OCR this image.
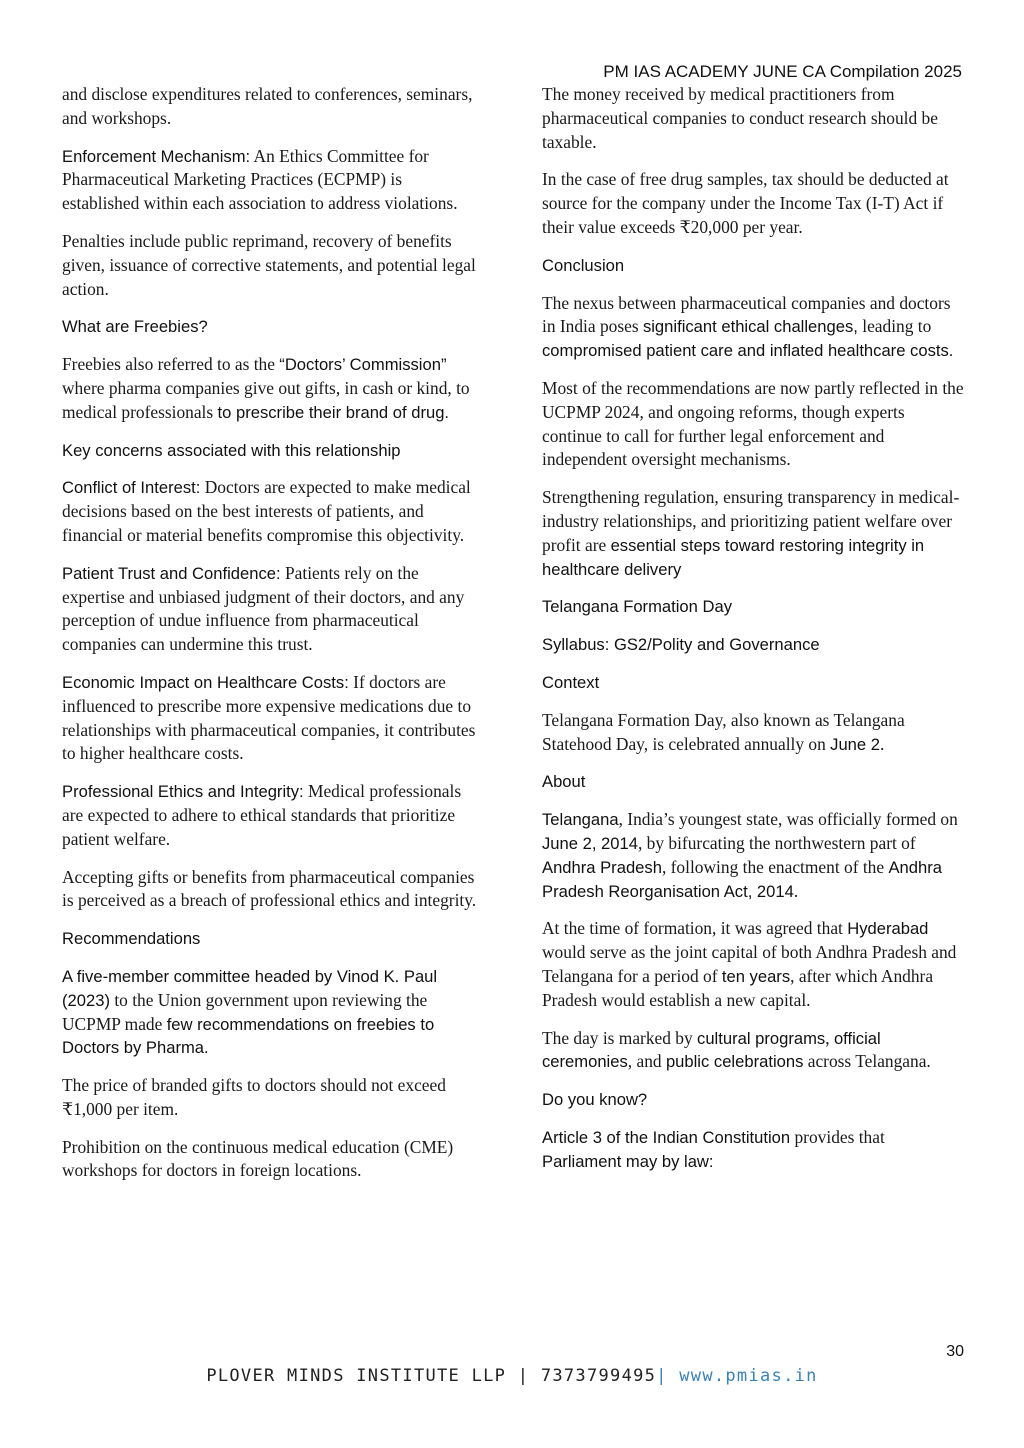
PM IAS ACADEMY JUNE CA Compilation 2025

and disclose expenditures related to conferences, seminars, and workshops.

Enforcement Mechanism: An Ethics Committee for Pharmaceutical Marketing Practices (ECPMP) is established within each association to address violations.

Penalties include public reprimand, recovery of benefits given, issuance of corrective statements, and potential legal action.

What are Freebies?

Freebies also referred to as the “Doctors’ Commission” where pharma companies give out gifts, in cash or kind, to medical professionals to prescribe their brand of drug.

Key concerns associated with this relationship

Conflict of Interest: Doctors are expected to make medical decisions based on the best interests of patients, and financial or material benefits compromise this objectivity.

Patient Trust and Confidence: Patients rely on the expertise and unbiased judgment of their doctors, and any perception of undue influence from pharmaceutical companies can undermine this trust.

Economic Impact on Healthcare Costs: If doctors are influenced to prescribe more expensive medications due to relationships with pharmaceutical companies, it contributes to higher healthcare costs.

Professional Ethics and Integrity: Medical professionals are expected to adhere to ethical standards that prioritize patient welfare.

Accepting gifts or benefits from pharmaceutical companies is perceived as a breach of professional ethics and integrity.

Recommendations

A five-member committee headed by Vinod K. Paul (2023) to the Union government upon reviewing the UCPMP made few recommendations on freebies to Doctors by Pharma.

The price of branded gifts to doctors should not exceed ₹1,000 per item.

Prohibition on the continuous medical education (CME) workshops for doctors in foreign locations.

The money received by medical practitioners from pharmaceutical companies to conduct research should be taxable.

In the case of free drug samples, tax should be deducted at source for the company under the Income Tax (I-T) Act if their value exceeds ₹20,000 per year.

Conclusion

The nexus between pharmaceutical companies and doctors in India poses significant ethical challenges, leading to compromised patient care and inflated healthcare costs.

Most of the recommendations are now partly reflected in the UCPMP 2024, and ongoing reforms, though experts continue to call for further legal enforcement and independent oversight mechanisms.

Strengthening regulation, ensuring transparency in medical-industry relationships, and prioritizing patient welfare over profit are essential steps toward restoring integrity in healthcare delivery

Telangana Formation Day

Syllabus: GS2/Polity and Governance

Context

Telangana Formation Day, also known as Telangana Statehood Day, is celebrated annually on June 2.

About

Telangana, India’s youngest state, was officially formed on June 2, 2014, by bifurcating the northwestern part of Andhra Pradesh, following the enactment of the Andhra Pradesh Reorganisation Act, 2014.

At the time of formation, it was agreed that Hyderabad would serve as the joint capital of both Andhra Pradesh and Telangana for a period of ten years, after which Andhra Pradesh would establish a new capital.

The day is marked by cultural programs, official ceremonies, and public celebrations across Telangana.

Do you know?

Article 3 of the Indian Constitution provides that Parliament may by law:

30
PLOVER MINDS INSTITUTE LLP | 7373799495| www.pmias.in
